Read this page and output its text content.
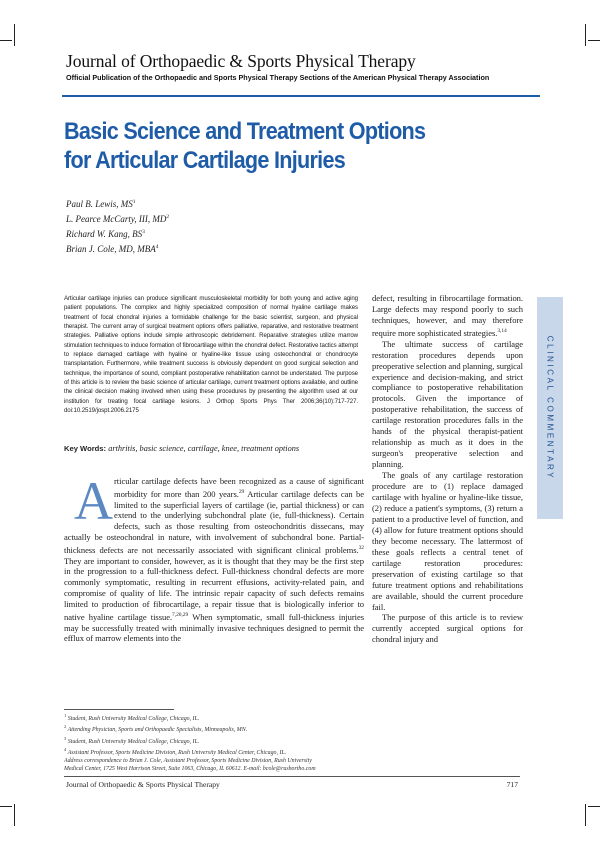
Journal of Orthopaedic & Sports Physical Therapy
Official Publication of the Orthopaedic and Sports Physical Therapy Sections of the American Physical Therapy Association
Basic Science and Treatment Options
for Articular Cartilage Injuries
Paul B. Lewis, $MS^1$
L. Pearce McCarty, III, $MD^2$
Richard W. Kang, $BS^3$
Brian J. Cole, MD, MBA$^4$
Articular cartilage injuries can produce significant musculoskeletal morbidity for both young and active aging patient populations. The complex and highly specialized composition of normal hyaline cartilage makes treatment of focal chondral injuries a formidable challenge for the basic scientist, surgeon, and physical therapist. The current array of surgical treatment options offers palliative, reparative, and restorative treatment strategies. Palliative options include simple arthroscopic debridement. Reparative strategies utilize marrow stimulation techniques to induce formation of fibrocartilage within the chondral defect. Restorative tactics attempt to replace damaged cartilage with hyaline or hyaline-like tissue using osteochondral or chondrocyte transplantation. Furthermore, while treatment success is obviously dependent on good surgical selection and technique, the importance of sound, compliant postoperative rehabilitation cannot be understated. The purpose of this article is to review the basic science of articular cartilage, current treatment options available, and outline the clinical decision making involved when using these procedures by presenting the algorithm used at our institution for treating focal cartilage lesions. J Orthop Sports Phys Ther 2006;36(10):717-727. doi:10.2519/jospt.2006.2175
Key Words: arthritis, basic science, cartilage, knee, treatment options
Articular cartilage defects have been recognized as a cause of significant morbidity for more than 200 years.$^{29}$ Articular cartilage defects can be limited to the superficial layers of cartilage (ie, partial thickness) or can extend to the underlying subchondral plate (ie, full-thickness). Certain defects, such as those resulting from osteochondritis dissecans, may actually be osteochondral in nature, with involvement of subchondral bone. Partial-thickness defects are not necessarily associated with significant clinical problems.$^{32}$ They are important to consider, however, as it is thought that they may be the first step in the progression to a full-thickness defect. Full-thickness chondral defects are more commonly symptomatic, resulting in recurrent effusions, activity-related pain, and compromise of quality of life. The intrinsic repair capacity of such defects remains limited to production of fibrocartilage, a repair tissue that is biologically inferior to native hyaline cartilage tissue.$^{7,20,29}$ When symptomatic, small full-thickness injuries may be successfully treated with minimally invasive techniques designed to permit the efflux of marrow elements into the

defect, resulting in fibrocartilage formation. Large defects may respond poorly to such techniques, however, and may therefore require more sophisticated strategies.$^{3,14}$

The ultimate success of cartilage restoration procedures depends upon preoperative selection and planning, surgical experience and decision-making, and strict compliance to postoperative rehabilitation protocols. Given the importance of postoperative rehabilitation, the success of cartilage restoration procedures falls in the hands of the physical therapist-patient relationship as much as it does in the surgeon's preoperative selection and planning.

The goals of any cartilage restoration procedure are to (1) replace damaged cartilage with hyaline or hyaline-like tissue, (2) reduce a patient's symptoms, (3) return a patient to a productive level of function, and (4) allow for future treatment options should they become necessary. The lattermost of these goals reflects a central tenet of cartilage restoration procedures: preservation of existing cartilage so that future treatment options and rehabilitations are available, should the current procedure fail.

The purpose of this article is to review currently accepted surgical options for chondral injury and

CLINICAL COMMENTARY
$^1$ Student, Rush University Medical College, Chicago, IL.
$^2$ Attending Physician, Sports and Orthopaedic Specialists, Minneapolis, MN.
$^3$ Student, Rush University Medical College, Chicago, IL.
$^4$ Assistant Professor, Sports Medicine Division, Rush University Medical Center, Chicago, IL.
Address correspondence to Brian J. Cole, Assistant Professor, Sports Medicine Division, Rush University
Medical Center, 1725 West Harrison Street, Suite 1063, Chicago, IL 60612. E-mail: bcole@rushortho.com
Journal of Orthopaedic & Sports Physical Therapy	717
